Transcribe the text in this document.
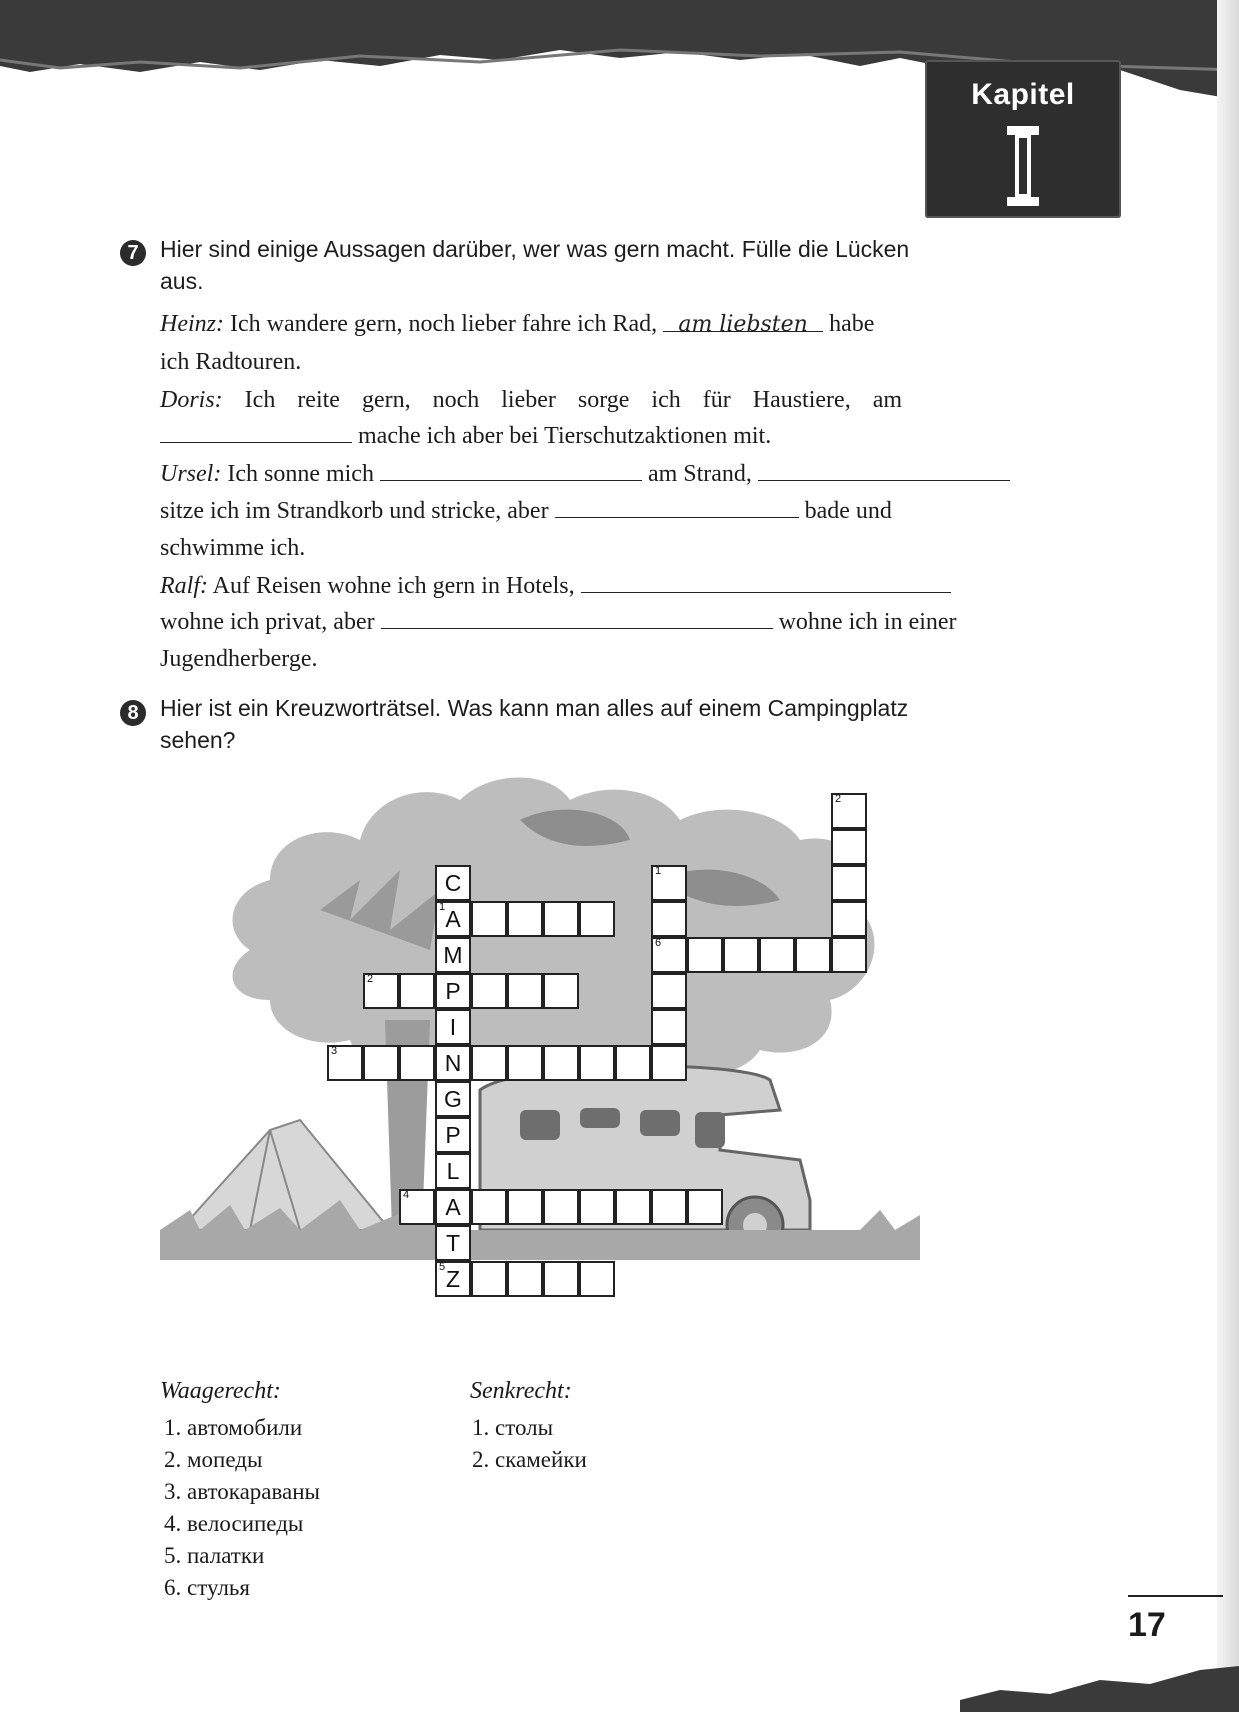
Kapitel
7 Hier sind einige Aussagen darüber, wer was gern macht. Fülle die Lücken
aus.
Heinz: Ich wandere gern, noch lieber fahre ich Rad, am liebsten habe
ich Radtouren.
Doris: Ich reite gern, noch lieber sorge ich für Haustiere, am
mache ich aber bei Tierschutzaktionen mit.
Ursel: Ich sonne mich	am Strand,
sitze ich im Strandkorb und stricke, aber	bade und
schwimme ich.
Ralf: Auf Reisen wohne ich gern in Hotels,
wohne ich privat, aber	wohne ich in einer
Jugendherberge.
8 Hier ist ein Kreuzworträtsel. Was kann man alles auf einem Campingplatz
sehen?
C
A
1
M
P
I
N
G
P
L
A
T
Z
5
2
3
4
1
6
2
Waagerecht:
1. автомобили
2. мопеды
3. автокараваны
4. велосипеды
5. палатки
6. стулья
Senkrecht:
1. столы
2. скамейки
17
